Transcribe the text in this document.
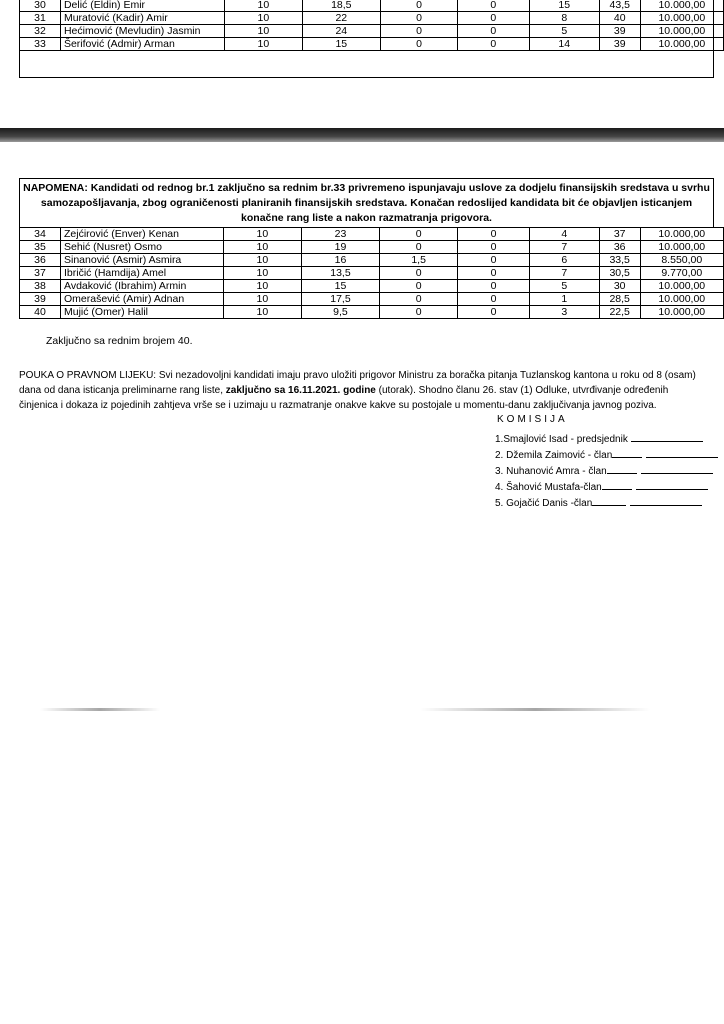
30	Delić (Eldin) Emir	10	18,5	0	0	15	43,5	10.000,00
31	Muratović (Kadir) Amir	10	22	0	0	8	40	10.000,00
32	Hećimović (Mevludin) Jasmin	10	24	0	0	5	39	10.000,00
33	Šerifović (Admir) Arman	10	15	0	0	14	39	10.000,00
NAPOMENA: Kandidati od rednog br.1 zaključno sa rednim br.33 privremeno ispunjavaju uslove za dodjelu finansijskih sredstava u svrhu samozapošljavanja, zbog ograničenosti planiranih finansijskih sredstava. Konačan redoslijed kandidata bit će objavljen isticanjem konačne rang liste a nakon razmatranja prigovora.
34	Zejćirović (Enver) Kenan	10	23	0	0	4	37	10.000,00
35	Sehić (Nusret) Osmo	10	19	0	0	7	36	10.000,00
36	Sinanović (Asmir) Asmira	10	16	1,5	0	6	33,5	8.550,00
37	Ibričić (Hamdija) Amel	10	13,5	0	0	7	30,5	9.770,00
38	Avdaković (Ibrahim) Armin	10	15	0	0	5	30	10.000,00
39	Omerašević (Amir) Adnan	10	17,5	0	0	1	28,5	10.000,00
40	Mujić (Omer) Halil	10	9,5	0	0	3	22,5	10.000,00
Zaključno sa rednim brojem 40.
POUKA O PRAVNOM LIJEKU: Svi nezadovoljni kandidati imaju pravo uložiti prigovor Ministru za boračka pitanja Tuzlanskog kantona u roku od 8 (osam) dana od dana isticanja preliminarne rang liste, zaključno sa 16.11.2021. godine (utorak). Shodno članu 26. stav (1) Odluke, utvrđivanje određenih činjenica i dokaza iz pojedinih zahtjeva vrše se i uzimaju u razmatranje onakve kakve su postojale u momentu-danu zaključivanja javnog poziva.
KOMISIJA
1.Smajlović Isad - predsjednik
2. Džemila Zaimović - član
3. Nuhanović Amra - član
4. Šahović Mustafa-član
5. Gojačić Danis -član
